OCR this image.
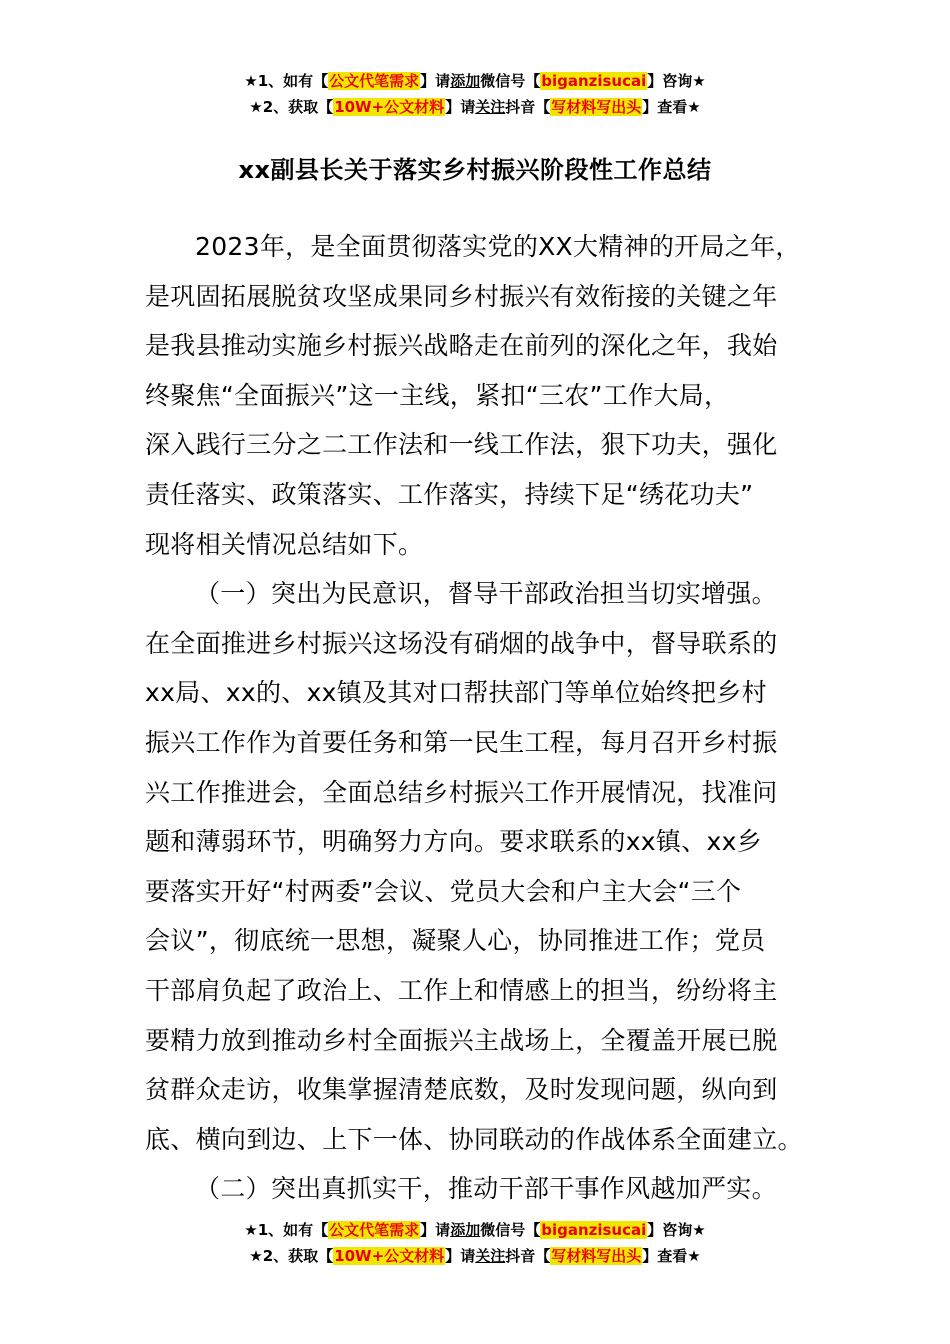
★1、如有【公文代笔需求】请添加微信号【biganzisucai】咨询★
★2、获取【10W+公文材料】请关注抖音【写材料写出头】查看★
xx副县长关于落实乡村振兴阶段性工作总结

2023年，是全面贯彻落实党的XX大精神的开局之年，
是巩固拓展脱贫攻坚成果同乡村振兴有效衔接的关键之年
是我县推动实施乡村振兴战略走在前列的深化之年，我始
终聚焦“全面振兴”这一主线，紧扣“三农”工作大局，
深入践行三分之二工作法和一线工作法，狠下功夫，强化
责任落实、政策落实、工作落实，持续下足“绣花功夫”
现将相关情况总结如下。

（一）突出为民意识，督导干部政治担当切实增强。
在全面推进乡村振兴这场没有硝烟的战争中，督导联系的
xx局、xx的、xx镇及其对口帮扶部门等单位始终把乡村
振兴工作作为首要任务和第一民生工程，每月召开乡村振
兴工作推进会，全面总结乡村振兴工作开展情况，找准问
题和薄弱环节，明确努力方向。要求联系的xx镇、xx乡
要落实开好“村两委”会议、党员大会和户主大会“三个
会议”，彻底统一思想，凝聚人心，协同推进工作；党员
干部肩负起了政治上、工作上和情感上的担当，纷纷将主
要精力放到推动乡村全面振兴主战场上，全覆盖开展已脱
贫群众走访，收集掌握清楚底数，及时发现问题，纵向到
底、横向到边、上下一体、协同联动的作战体系全面建立。

（二）突出真抓实干，推动干部干事作风越加严实。

★1、如有【公文代笔需求】请添加微信号【biganzisucai】咨询★
★2、获取【10W+公文材料】请关注抖音【写材料写出头】查看★
